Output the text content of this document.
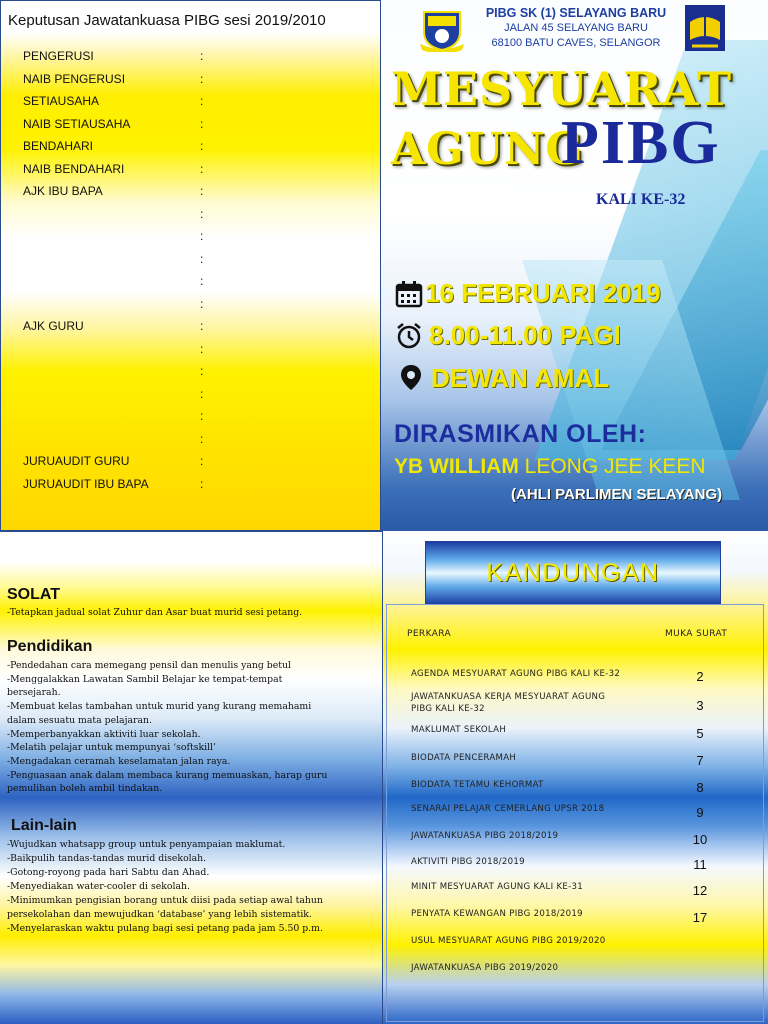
Keputusan Jawatankuasa PIBG sesi 2019/2010
PENGERUSI	:
NAIB PENGERUSI	:
SETIAUSAHA	:
NAIB SETIAUSAHA	:
BENDAHARI	:
NAIB BENDAHARI	:
AJK IBU BAPA	:
:
:
:
:
:
AJK GURU	:
:
:
:
:
:
JURUAUDIT GURU	:
JURUAUDIT IBU BAPA	:
PIBG SK (1) SELAYANG BARU
JALAN 45 SELAYANG BARU
68100 BATU CAVES, SELANGOR
MESYUARAT
AGUNG
PIBG
KALI KE-32
16 FEBRUARI 2019
8.00-11.00 PAGI
DEWAN AMAL
DIRASMIKAN OLEH:
YB WILLIAM LEONG JEE KEEN
(AHLI PARLIMEN SELAYANG)
SOLAT
-Tetapkan jadual solat Zuhur dan Asar buat murid sesi petang.
Pendidikan
-Pendedahan cara memegang pensil dan menulis yang betul
-Menggalakkan Lawatan Sambil Belajar ke tempat-tempat
bersejarah.
-Membuat kelas tambahan untuk murid yang kurang memahami
dalam sesuatu mata pelajaran.
-Memperbanyakkan aktiviti luar sekolah.
-Melatih pelajar untuk mempunyai ‘softskill’
-Mengadakan ceramah keselamatan jalan raya.
-Penguasaan anak dalam membaca kurang memuaskan, harap guru
pemulihan boleh ambil tindakan.
Lain-lain
-Wujudkan whatsapp group untuk penyampaian maklumat.
-Baikpulih tandas-tandas murid disekolah.
-Gotong-royong pada hari Sabtu dan Ahad.
-Menyediakan water-cooler di sekolah.
-Minimumkan pengisian borang untuk diisi pada setiap awal tahun
persekolahan dan mewujudkan ‘database’ yang lebih sistematik.
-Menyelaraskan waktu pulang bagi sesi petang pada jam 5.50 p.m.
KANDUNGAN
PERKARA	MUKA SURAT
AGENDA MESYUARAT AGUNG PIBG KALI KE-32	2
JAWATANKUASA KERJA MESYUARAT AGUNG PIBG KALI KE-32	3
MAKLUMAT SEKOLAH	5
BIODATA PENCERAMAH	7
BIODATA TETAMU KEHORMAT	8
SENARAI PELAJAR CEMERLANG UPSR 2018	9
JAWATANKUASA PIBG 2018/2019	10
AKTIVITI PIBG 2018/2019	11
MINIT MESYUARAT AGUNG KALI KE-31	12
PENYATA KEWANGAN PIBG 2018/2019	17
USUL MESYUARAT AGUNG PIBG 2019/2020
JAWATANKUASA PIBG 2019/2020
